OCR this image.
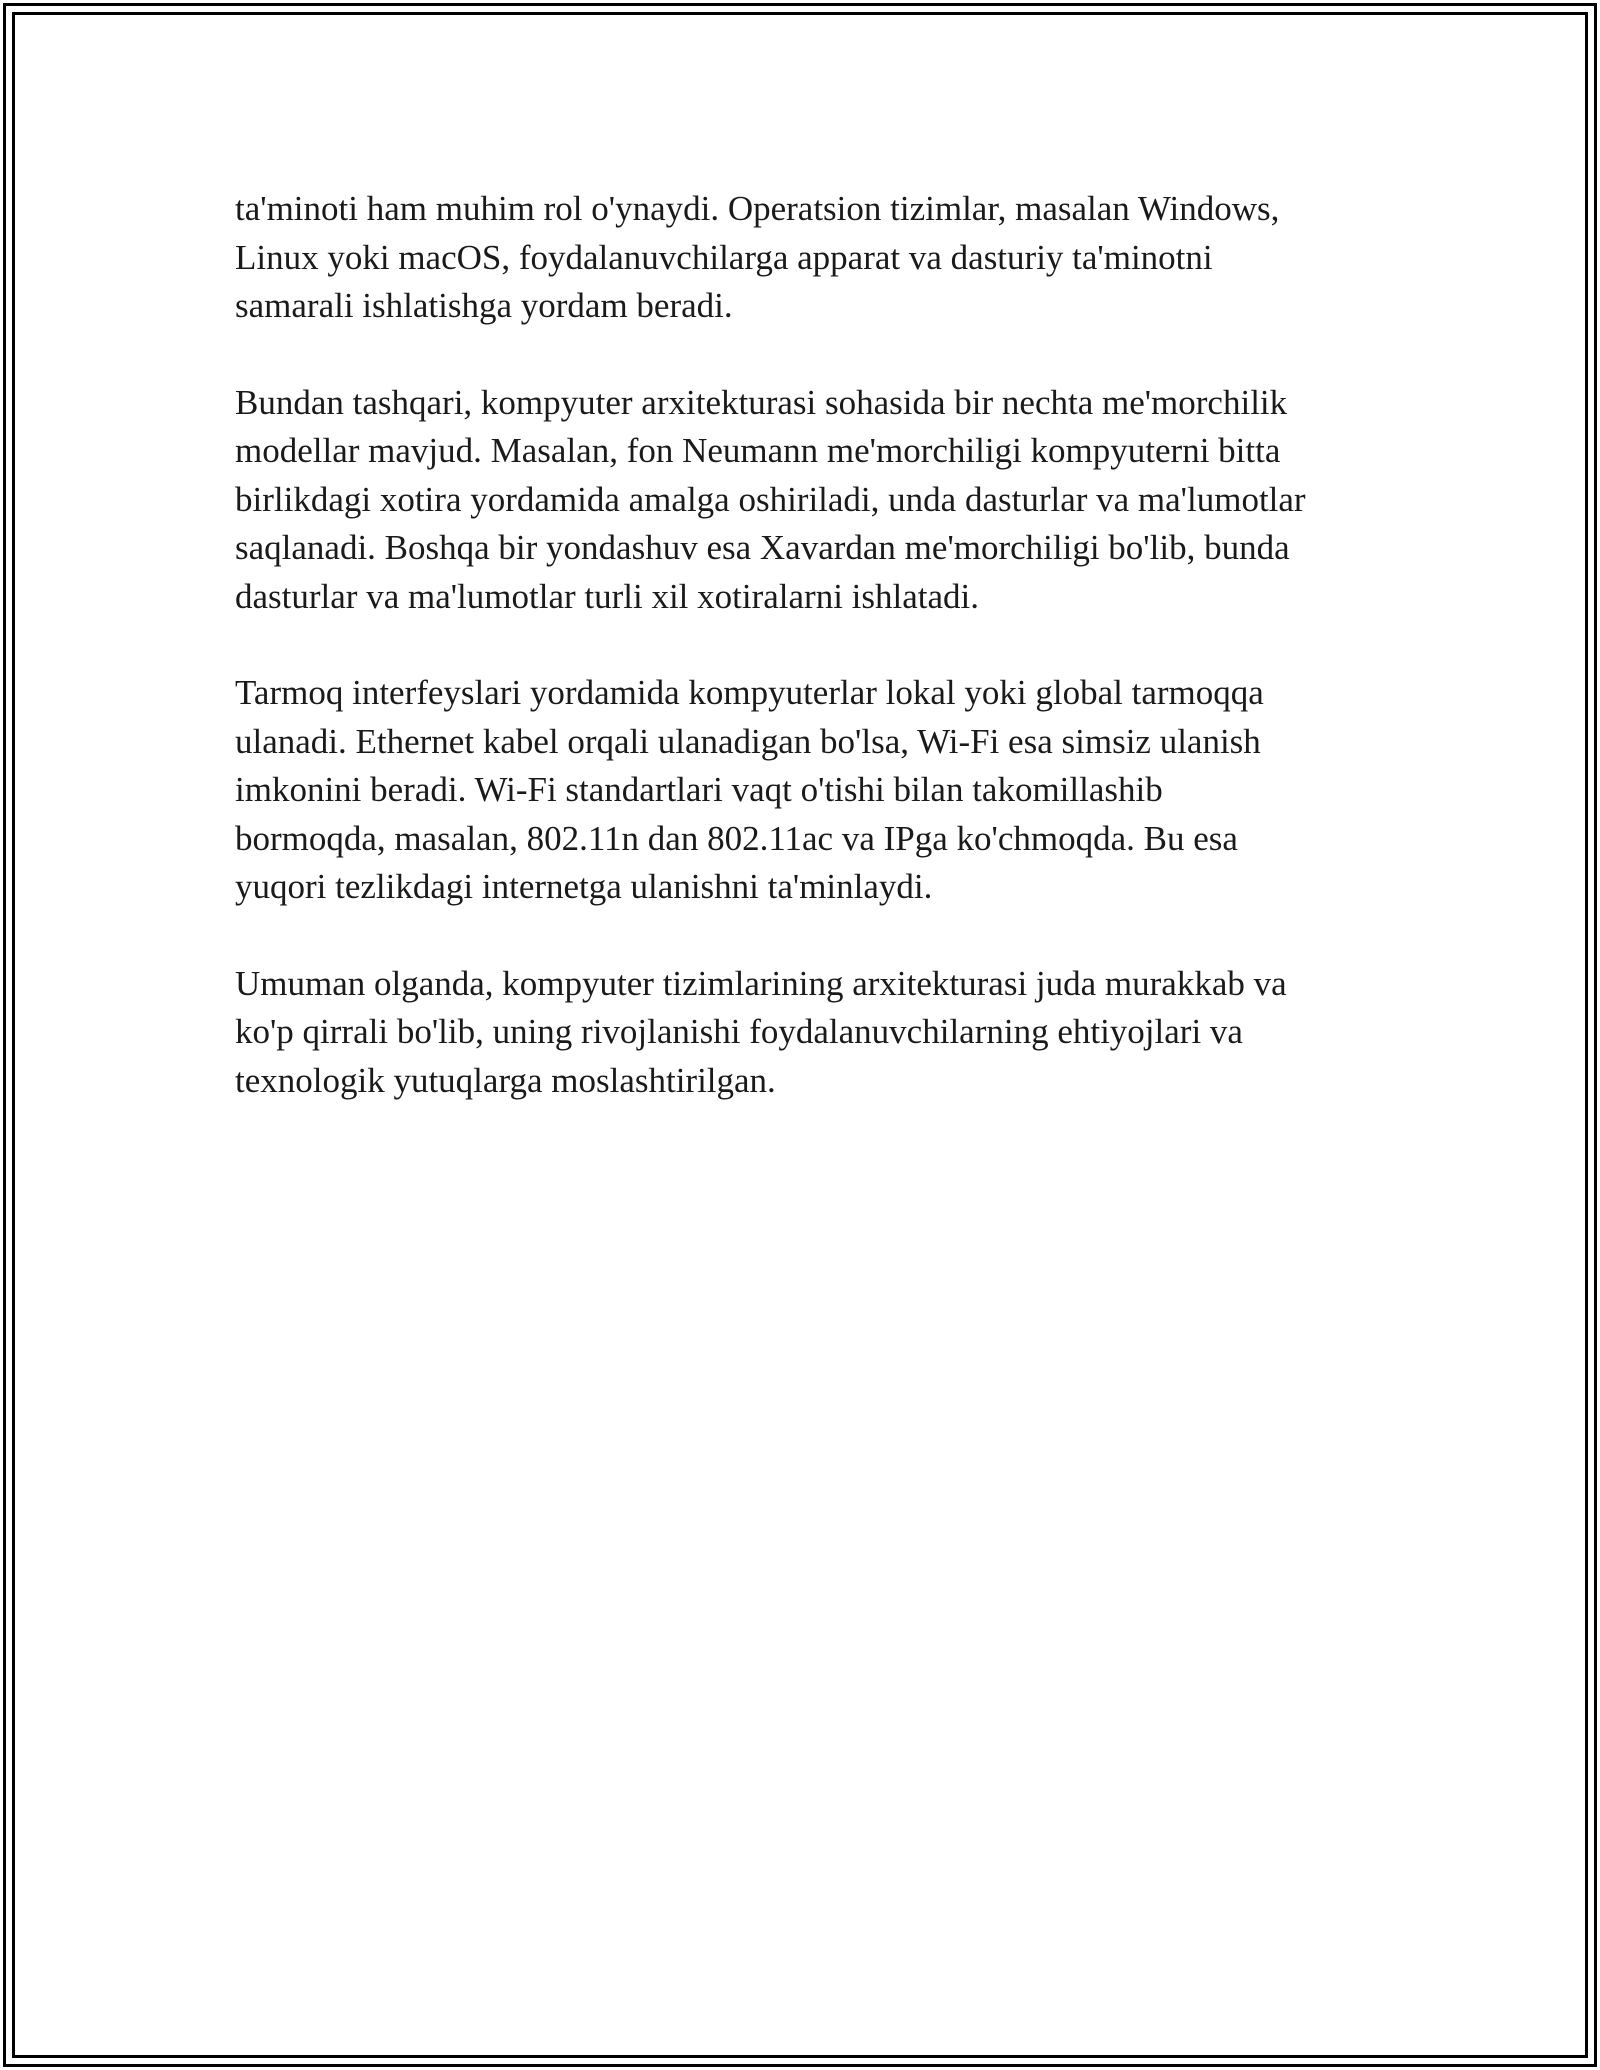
ta'minoti ham muhim rol o'ynaydi. Operatsion tizimlar, masalan Windows,
Linux yoki macOS, foydalanuvchilarga apparat va dasturiy ta'minotni
samarali ishlatishga yordam beradi.

Bundan tashqari, kompyuter arxitekturasi sohasida bir nechta me'morchilik
modellar mavjud. Masalan, fon Neumann me'morchiligi kompyuterni bitta
birlikdagi xotira yordamida amalga oshiriladi, unda dasturlar va ma'lumotlar
saqlanadi. Boshqa bir yondashuv esa Xavardan me'morchiligi bo'lib, bunda
dasturlar va ma'lumotlar turli xil xotiralarni ishlatadi.

Tarmoq interfeyslari yordamida kompyuterlar lokal yoki global tarmoqqa
ulanadi. Ethernet kabel orqali ulanadigan bo'lsa, Wi-Fi esa simsiz ulanish
imkonini beradi. Wi-Fi standartlari vaqt o'tishi bilan takomillashib
bormoqda, masalan, 802.11n dan 802.11ac va IPga ko'chmoqda. Bu esa
yuqori tezlikdagi internetga ulanishni ta'minlaydi.

Umuman olganda, kompyuter tizimlarining arxitekturasi juda murakkab va
ko'p qirrali bo'lib, uning rivojlanishi foydalanuvchilarning ehtiyojlari va
texnologik yutuqlarga moslashtirilgan.
